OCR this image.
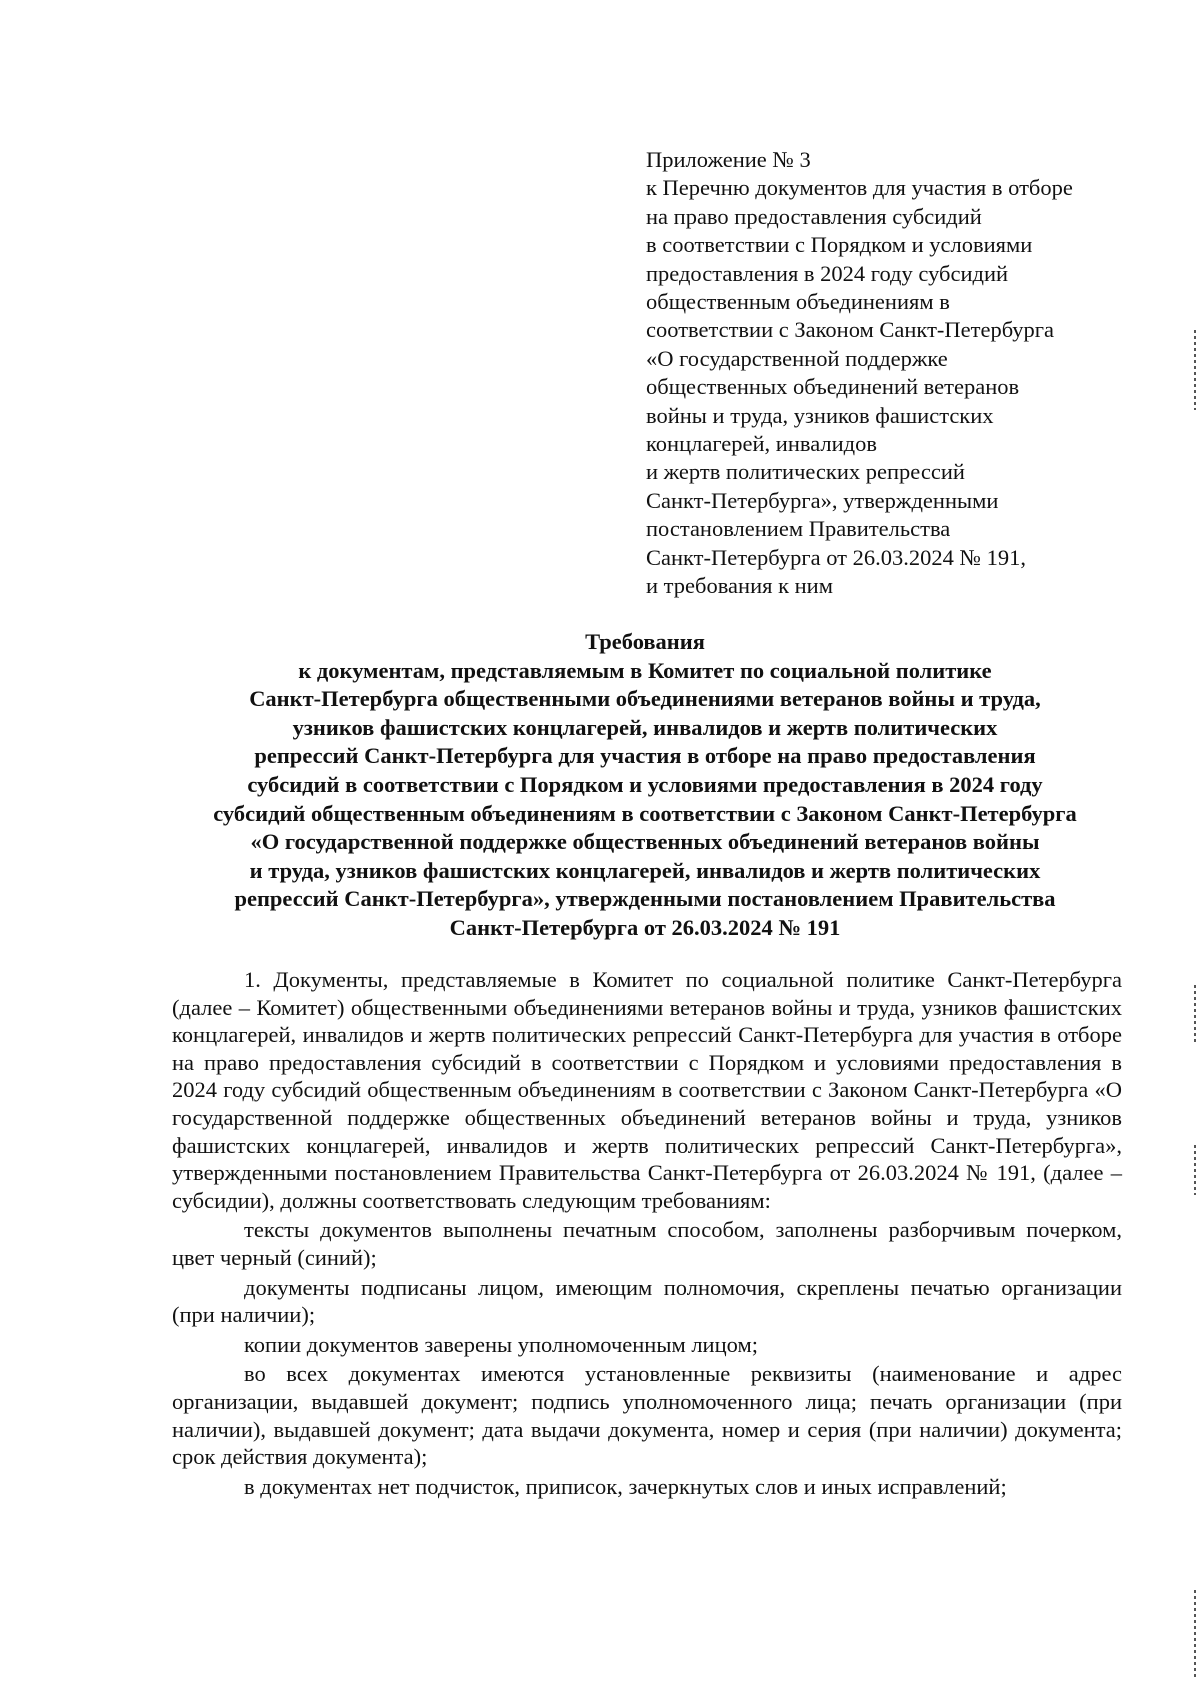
Приложение № 3
к Перечню документов для участия в отборе
на право предоставления субсидий
в соответствии с Порядком и условиями
предоставления в 2024 году субсидий
общественным объединениям в
соответствии с Законом Санкт-Петербурга
«О государственной поддержке
общественных объединений ветеранов
войны и труда, узников фашистских
концлагерей, инвалидов
и жертв политических репрессий
Санкт-Петербурга», утвержденными
постановлением Правительства
Санкт-Петербурга от 26.03.2024 № 191,
и требования к ним
Требования
к документам, представляемым в Комитет по социальной политике
Санкт-Петербурга общественными объединениями ветеранов войны и труда,
узников фашистских концлагерей, инвалидов и жертв политических
репрессий Санкт-Петербурга для участия в отборе на право предоставления
субсидий в соответствии с Порядком и условиями предоставления в 2024 году
субсидий общественным объединениям в соответствии с Законом Санкт-Петербурга
«О государственной поддержке общественных объединений ветеранов войны
и труда, узников фашистских концлагерей, инвалидов и жертв политических
репрессий Санкт-Петербурга», утвержденными постановлением Правительства
Санкт-Петербурга от 26.03.2024 № 191

1. Документы, представляемые в Комитет по социальной политике Санкт-Петербурга (далее – Комитет) общественными объединениями ветеранов войны и труда, узников фашистских концлагерей, инвалидов и жертв политических репрессий Санкт-Петербурга для участия в отборе на право предоставления субсидий в соответствии с Порядком и условиями предоставления в 2024 году субсидий общественным объединениям в соответствии с Законом Санкт-Петербурга «О государственной поддержке общественных объединений ветеранов войны и труда, узников фашистских концлагерей, инвалидов и жертв политических репрессий Санкт-Петербурга», утвержденными постановлением Правительства Санкт-Петербурга от 26.03.2024 № 191, (далее – субсидии), должны соответствовать следующим требованиям:

тексты документов выполнены печатным способом, заполнены разборчивым почерком, цвет черный (синий);

документы подписаны лицом, имеющим полномочия, скреплены печатью организации (при наличии);

копии документов заверены уполномоченным лицом;

во всех документах имеются установленные реквизиты (наименование и адрес организации, выдавшей документ; подпись уполномоченного лица; печать организации (при наличии), выдавшей документ; дата выдачи документа, номер и серия (при наличии) документа; срок действия документа);

в документах нет подчисток, приписок, зачеркнутых слов и иных исправлений;
